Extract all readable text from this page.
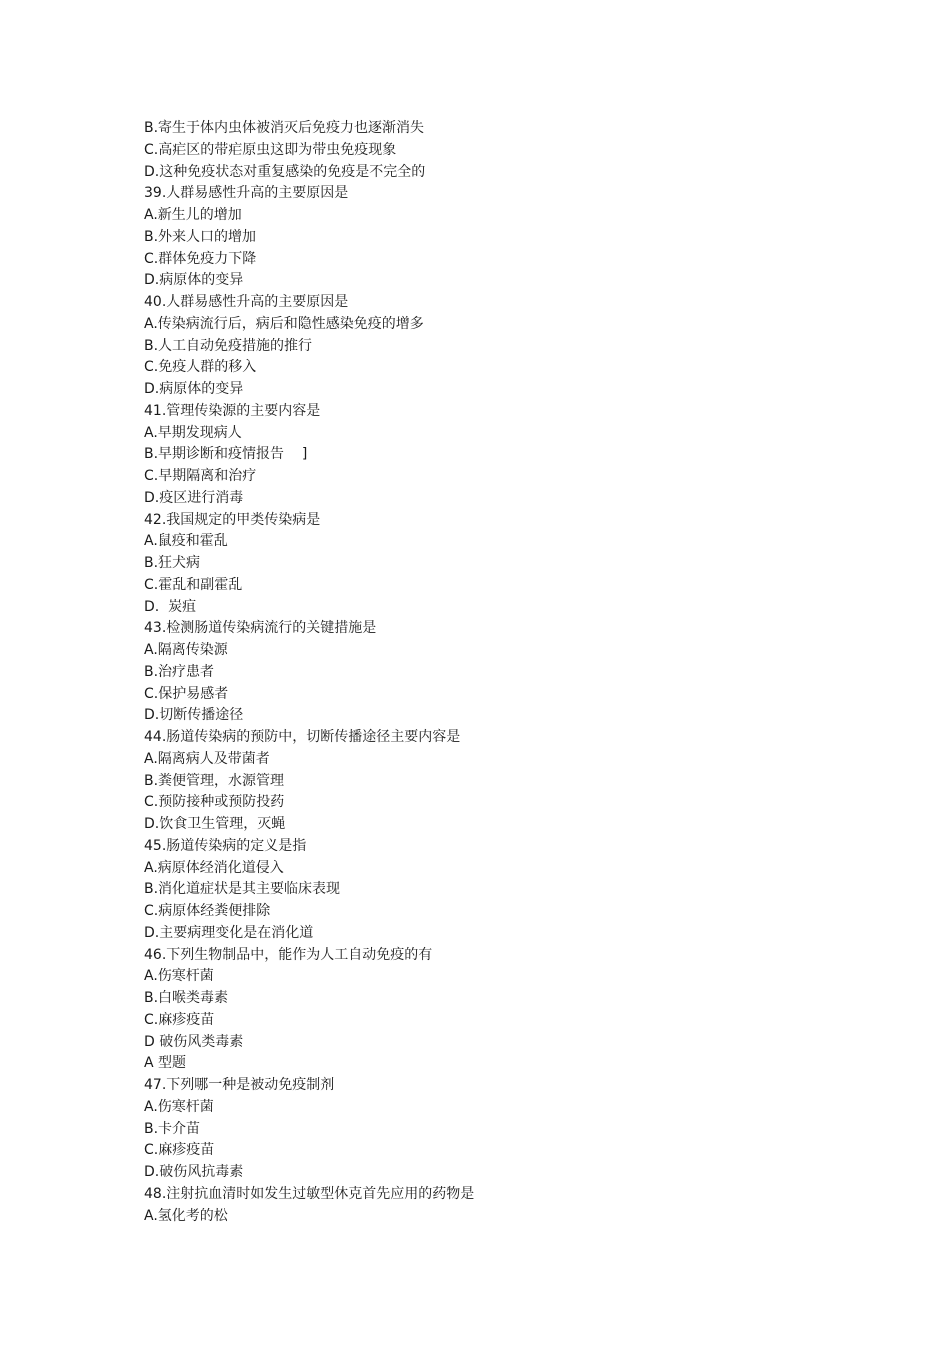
B.寄生于体内虫体被消灭后免疫力也逐渐消失
C.高疟区的带疟原虫这即为带虫免疫现象
D.这种免疫状态对重复感染的免疫是不完全的
39.人群易感性升高的主要原因是
A.新生儿的增加
B.外来人口的增加
C.群体免疫力下降
D.病原体的变异
40.人群易感性升高的主要原因是
A.传染病流行后，病后和隐性感染免疫的增多
B.人工自动免疫措施的推行
C.免疫人群的移入
D.病原体的变异
41.管理传染源的主要内容是
A.早期发现病人
B.早期诊断和疫情报告    ]
C.早期隔离和治疗
D.疫区进行消毒
42.我国规定的甲类传染病是
A.鼠疫和霍乱
B.狂犬病
C.霍乱和副霍乱
D.  炭疽
43.检测肠道传染病流行的关键措施是
A.隔离传染源
B.治疗患者
C.保护易感者
D.切断传播途径
44.肠道传染病的预防中，切断传播途径主要内容是
A.隔离病人及带菌者
B.粪便管理，水源管理
C.预防接种或预防投药
D.饮食卫生管理，灭蝇
45.肠道传染病的定义是指
A.病原体经消化道侵入
B.消化道症状是其主要临床表现
C.病原体经粪便排除
D.主要病理变化是在消化道
46.下列生物制品中，能作为人工自动免疫的有
A.伤寒杆菌
B.白喉类毒素
C.麻疹疫苗
D 破伤风类毒素
A 型题
47.下列哪一种是被动免疫制剂
A.伤寒杆菌
B.卡介苗
C.麻疹疫苗
D.破伤风抗毒素
48.注射抗血清时如发生过敏型休克首先应用的药物是
A.氢化考的松
